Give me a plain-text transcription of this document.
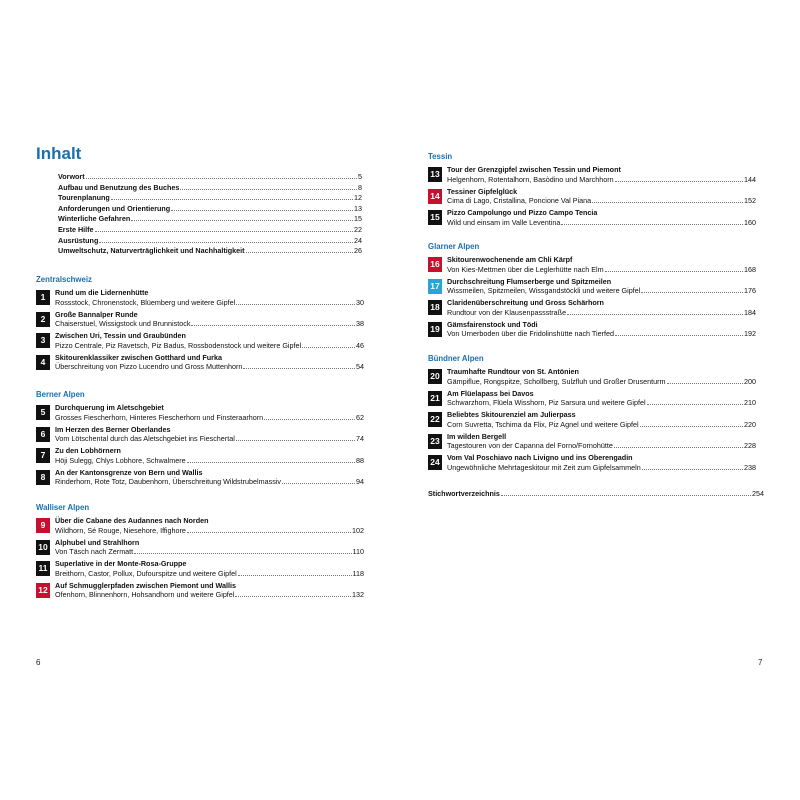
Inhalt
Vorwort	5
Aufbau und Benutzung des Buches	8
Tourenplanung	12
Anforderungen und Orientierung	13
Winterliche Gefahren	15
Erste Hilfe	22
Ausrüstung	24
Umweltschutz, Naturverträglichkeit und Nachhaltigkeit	26
Zentralschweiz
1	Rund um die Lidernenhütte
Rossstock, Chronenstock, Blüemberg und weitere Gipfel	30
2	Große Bannalper Runde
Chaiserstuel, Wissigstock und Brunnistock	38
3	Zwischen Uri, Tessin und Graubünden
Pizzo Centrale, Piz Ravetsch, Piz Badus, Rossbodenstock und weitere Gipfel	46
4	Skitourenklassiker zwischen Gotthard und Furka
Überschreitung von Pizzo Lucendro und Gross Muttenhorn	54
Berner Alpen
5	Durchquerung im Aletschgebiet
Grosses Fiescherhorn, Hinteres Fiescherhorn und Finsteraarhorn	62
6	Im Herzen des Berner Oberlandes
Vom Lötschental durch das Aletschgebiet ins Fieschertal	74
7	Zu den Lobhörnern
Höji Sulegg, Chlys Lobhore, Schwalmere	88
8	An der Kantonsgrenze von Bern und Wallis
Rinderhorn, Rote Totz, Daubenhorn, Überschreitung Wildstrubelmassiv	94
Walliser Alpen
9	Über die Cabane des Audannes nach Norden
Wildhorn, Sé Rouge, Niesehore, Iffighore	102
10	Alphubel und Strahlhorn
Von Täsch nach Zermatt	110
11	Superlative in der Monte-Rosa-Gruppe
Breithorn, Castor, Pollux, Dufourspitze und weitere Gipfel	118
12	Auf Schmugglerpfaden zwischen Piemont und Wallis
Ofenhorn, Blinnenhorn, Hohsandhorn und weitere Gipfel	132
6
Tessin
13	Tour der Grenzgipfel zwischen Tessin und Piemont
Helgenhorn, Rotentalhorn, Basòdino und Marchhorn	144
14	Tessiner Gipfelglück
Cima di Lago, Cristallina, Poncione Val Piana	152
15	Pizzo Campolungo und Pizzo Campo Tencia
Wild und einsam im Valle Leventina	160
Glarner Alpen
16	Skitourenwochenende am Chli Kärpf
Von Kies-Mettmen über die Leglerhütte nach Elm	168
17	Durchschreitung Flumserberge und Spitzmeilen
Wissmeilen, Spitzmeilen, Wissgandstöckli und weitere Gipfel	176
18	Claridenüberschreitung und Gross Schärhorn
Rundtour von der Klausenpassstraße	184
19	Gämsfairenstock und Tödi
Von Urnerboden über die Fridolinshütte nach Tierfed	192
Bündner Alpen
20	Traumhafte Rundtour von St. Antönien
Gämpiflue, Rongspitze, Schollberg, Sulzfluh und Großer Drusenturm	200
21	Am Flüelapass bei Davos
Schwarzhorn, Flüela Wisshorn, Piz Sarsura und weitere Gipfel	210
22	Beliebtes Skitourenziel am Julierpass
Corn Suvretta, Tschima da Flix, Piz Agnel und weitere Gipfel	220
23	Im wilden Bergell
Tagestouren von der Capanna del Forno/Fornohütte	228
24	Vom Val Poschiavo nach Livigno und ins Oberengadin
Ungewöhnliche Mehrtageskitour mit Zeit zum Gipfelsammeln	238
7
Stichwortverzeichnis	254
